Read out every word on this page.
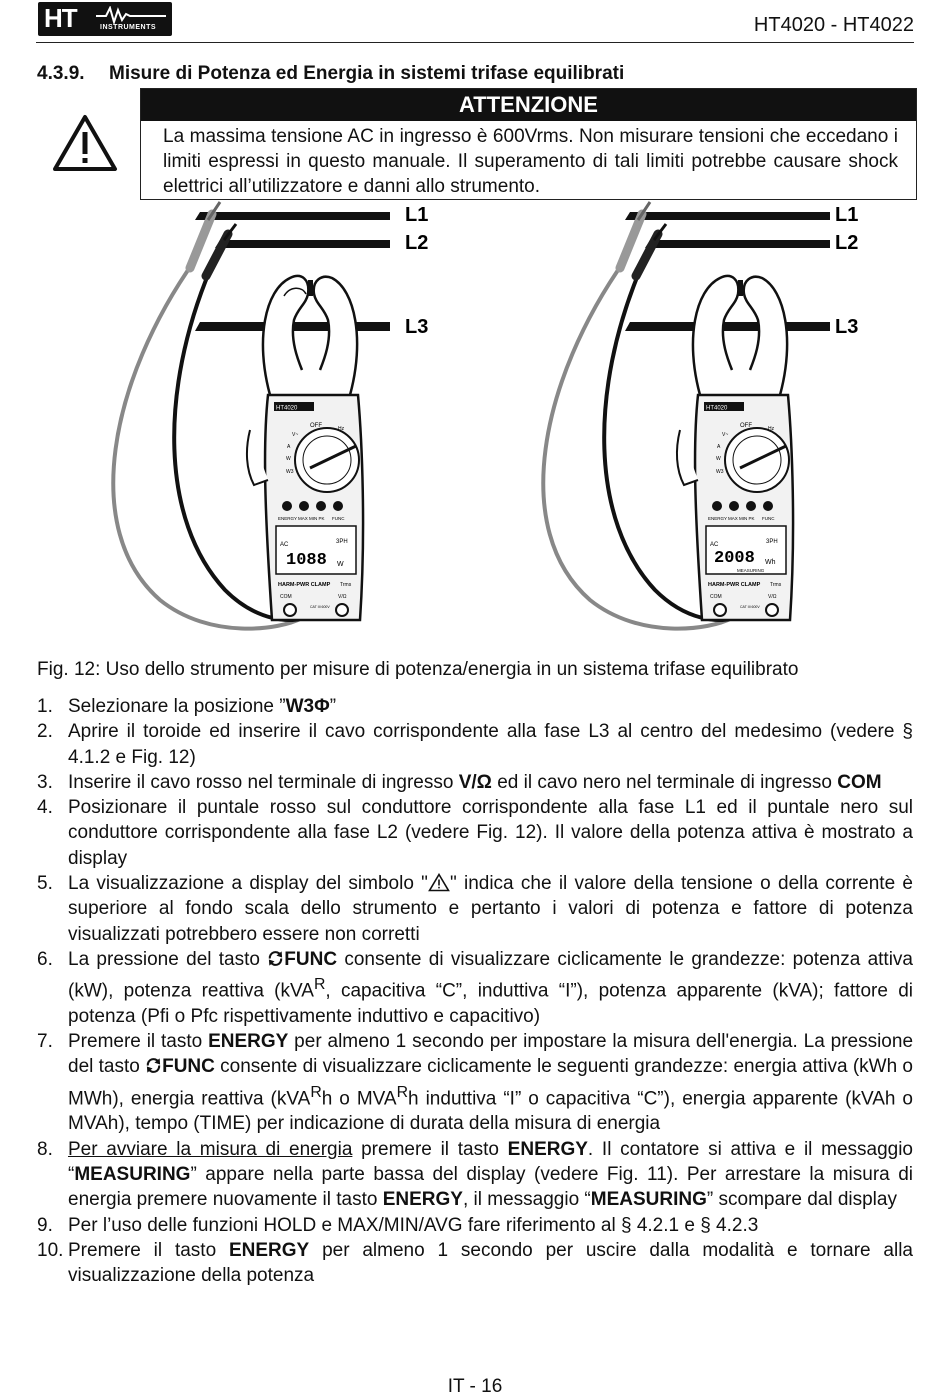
HT	INSTRUMENTS	HT4020 - HT4022
4.3.9. Misure di Potenza ed Energia in sistemi trifase equilibrati
ATTENZIONE
La massima tensione AC in ingresso è 600Vrms. Non misurare tensioni che eccedano i limiti espressi in questo manuale. Il superamento di tali limiti potrebbe causare shock elettrici all’utilizzatore e danni allo strumento.
L1
L2
L3
L1
L2
L3
HT4020
OFF
V~
A
W
W3
Hz
ENERGY MAX MIN PK FUNC
AC	3PH
1088 W
HARM-PWR CLAMP Trms
COM	V/Ω
CAT III 600V
HT4020
OFF
V~
A
W
W3
Hz
ENERGY MAX MIN PK FUNC
AC	3PH
2008 Wh
MEASURING
HARM-PWR CLAMP Trms
COM	V/Ω
CAT III 600V
Fig. 12: Uso dello strumento per misure di potenza/energia in un sistema trifase equilibrato
1. Selezionare la posizione ”W3Φ”
2. Aprire il toroide ed inserire il cavo corrispondente alla fase L3 al centro del medesimo (vedere § 4.1.2 e Fig. 12)
3. Inserire il cavo rosso nel terminale di ingresso V/Ω ed il cavo nero nel terminale di ingresso COM
4. Posizionare il puntale rosso sul conduttore corrispondente alla fase L1 ed il puntale nero sul conduttore corrispondente alla fase L2 (vedere Fig. 12). Il valore della potenza attiva è mostrato a display
5. La visualizzazione a display del simbolo " " indica che il valore della tensione o della corrente è superiore al fondo scala dello strumento e pertanto i valori di potenza e fattore di potenza visualizzati potrebbero essere non corretti
6. La pressione del tasto FUNC consente di visualizzare ciclicamente le grandezze: potenza attiva (kW), potenza reattiva (kVA$^R$, capacitiva “C”, induttiva “I”), potenza apparente (kVA); fattore di potenza (Pfi o Pfc rispettivamente induttivo e capacitivo)
7. Premere il tasto ENERGY per almeno 1 secondo per impostare la misura dell'energia. La pressione del tasto FUNC consente di visualizzare ciclicamente le seguenti grandezze: energia attiva (kWh o MWh), energia reattiva (kVA$^R$h o $MVA^Rh$ induttiva “I” o capacitiva “C”), energia apparente (kVAh o MVAh), tempo (TIME) per indicazione di durata della misura di energia
8. Per avviare la misura di energia premere il tasto ENERGY. Il contatore si attiva e il messaggio “MEASURING” appare nella parte bassa del display (vedere Fig. 11). Per arrestare la misura di energia premere nuovamente il tasto ENERGY, il messaggio “MEASURING” scompare dal display
9. Per l’uso delle funzioni HOLD e MAX/MIN/AVG fare riferimento al § 4.2.1 e § 4.2.3
10. Premere il tasto ENERGY per almeno 1 secondo per uscire dalla modalità e tornare alla visualizzazione della potenza
IT - 16
